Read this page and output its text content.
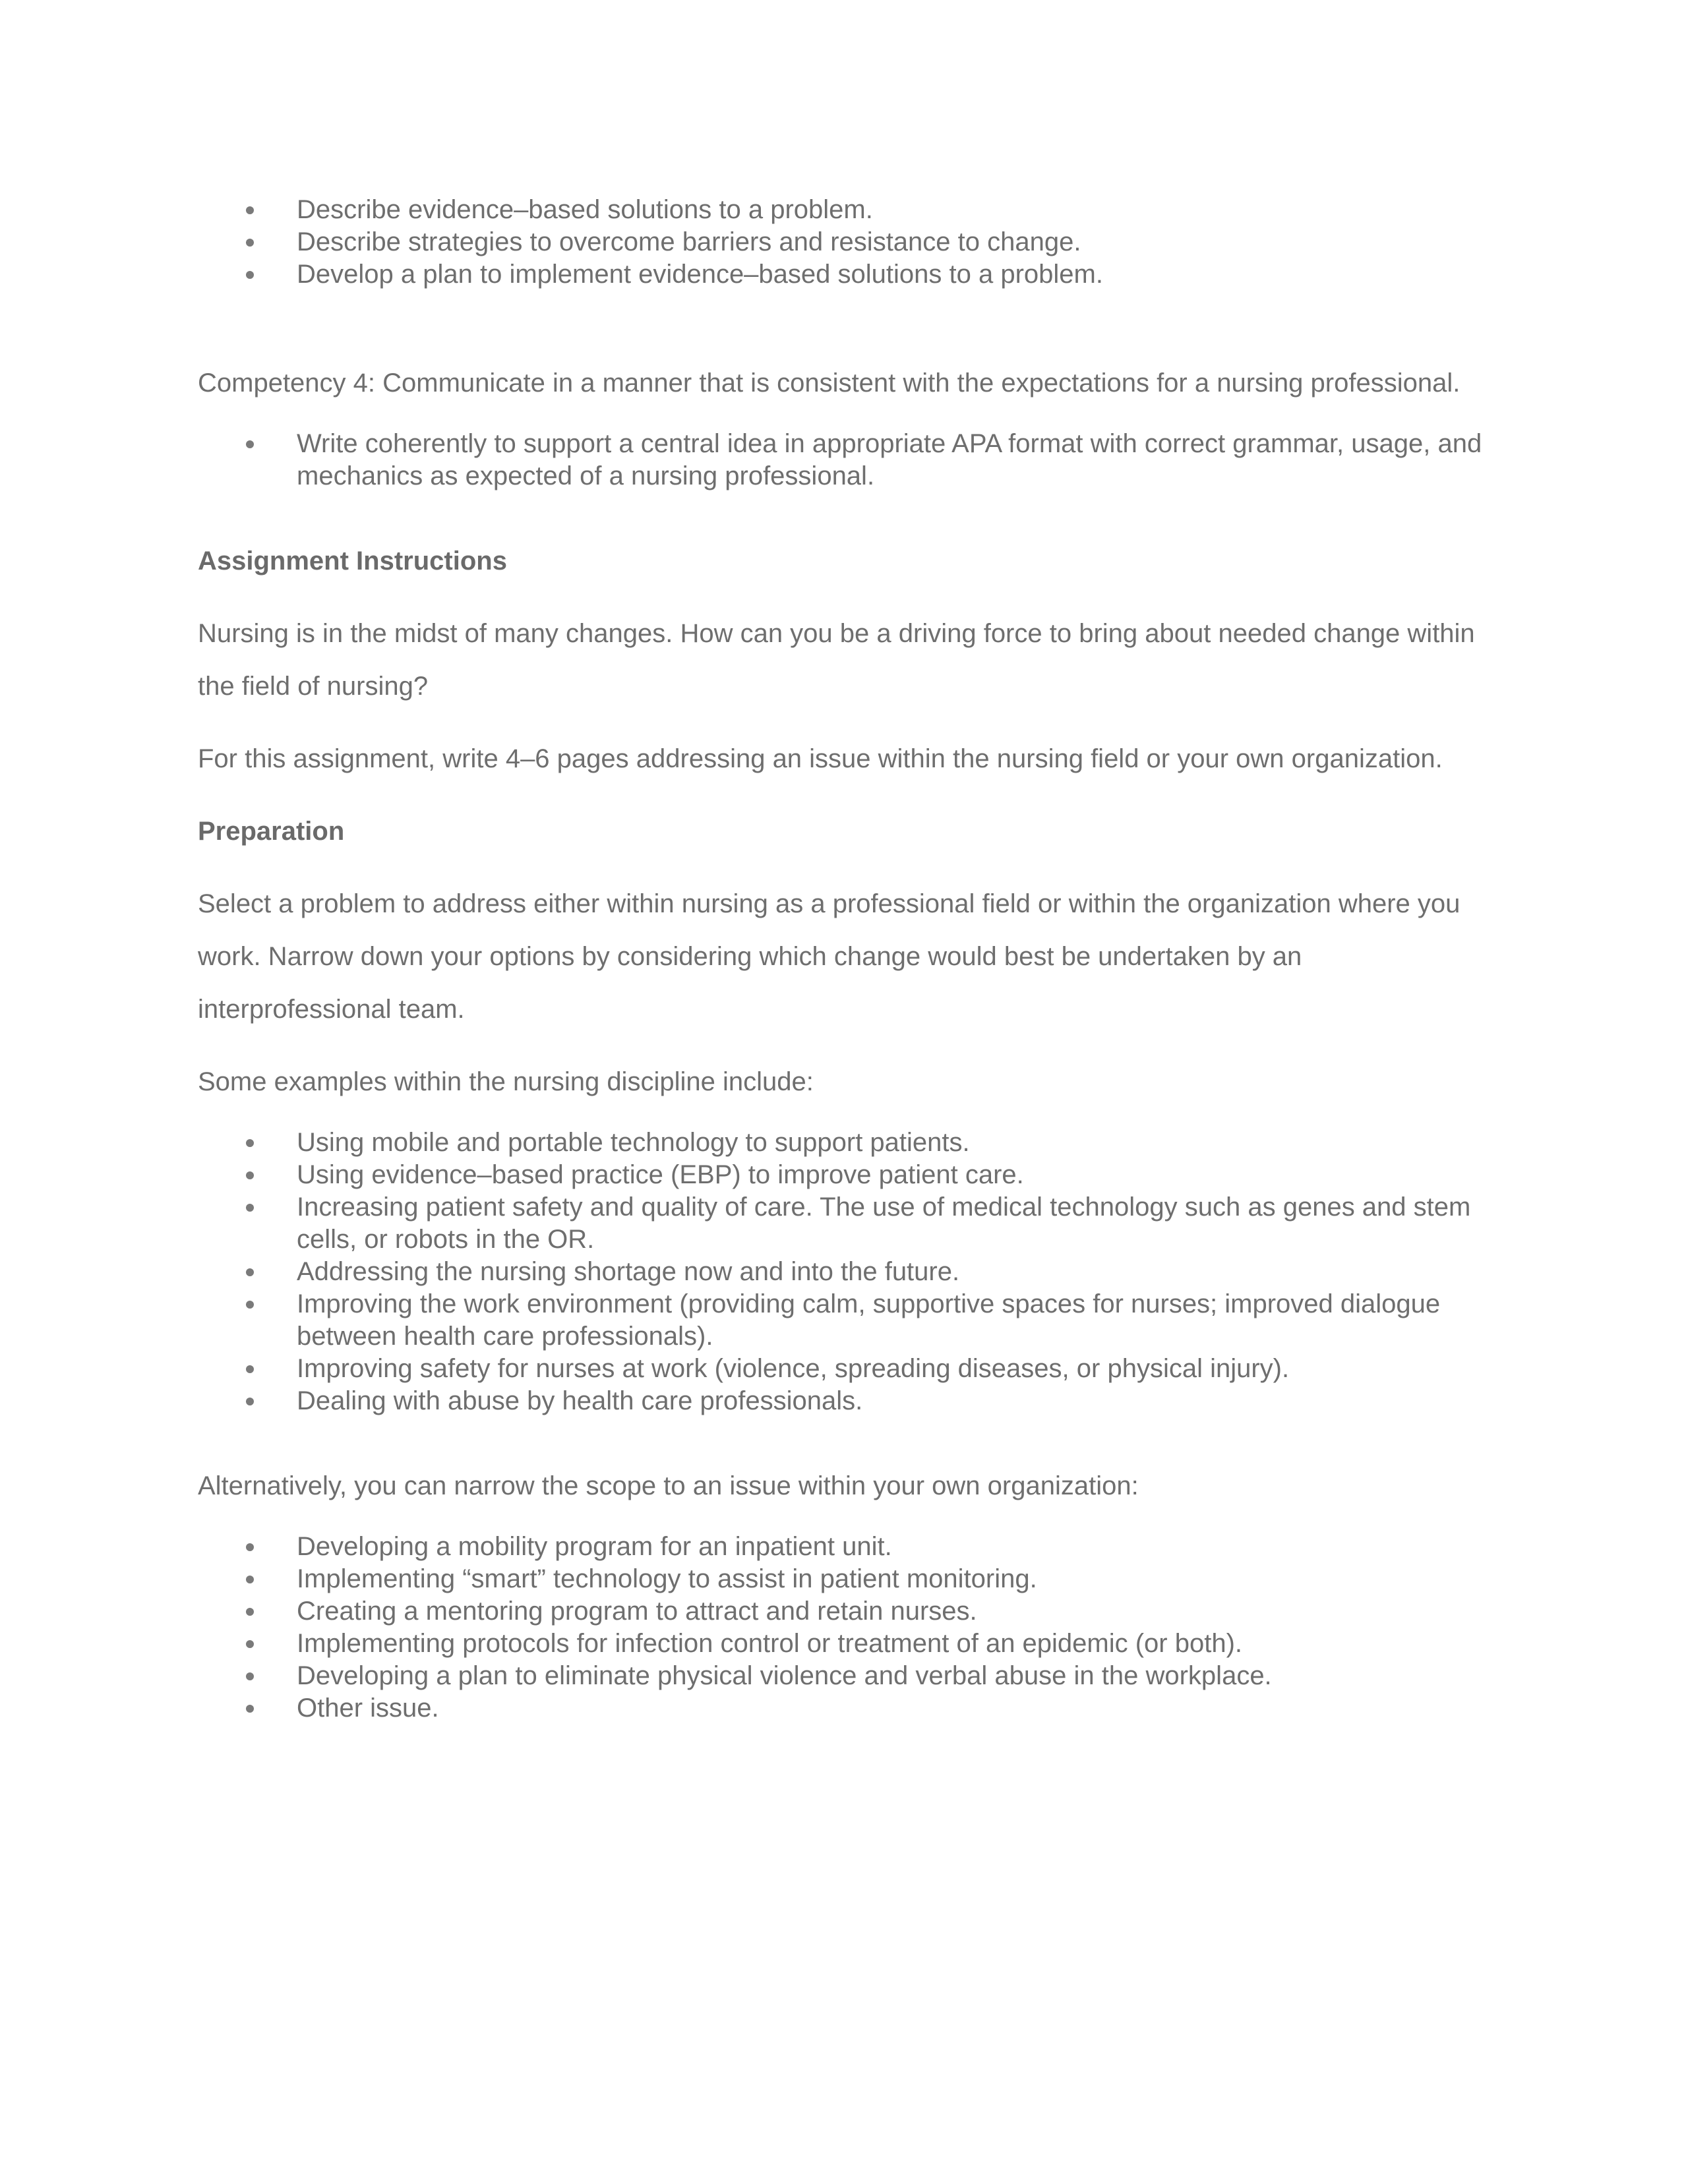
Describe evidence–based solutions to a problem.
Describe strategies to overcome barriers and resistance to change.
Develop a plan to implement evidence–based solutions to a problem.

Competency 4: Communicate in a manner that is consistent with the expectations for a nursing professional.

Write coherently to support a central idea in appropriate APA format with correct grammar, usage, and mechanics as expected of a nursing professional.
Assignment Instructions

Nursing is in the midst of many changes. How can you be a driving force to bring about needed change within the field of nursing?

For this assignment, write 4–6 pages addressing an issue within the nursing field or your own organization.

Preparation

Select a problem to address either within nursing as a professional field or within the organization where you work. Narrow down your options by considering which change would best be undertaken by an interprofessional team.

Some examples within the nursing discipline include:

Using mobile and portable technology to support patients.
Using evidence–based practice (EBP) to improve patient care.
Increasing patient safety and quality of care. The use of medical technology such as genes and stem cells, or robots in the OR.
Addressing the nursing shortage now and into the future.
Improving the work environment (providing calm, supportive spaces for nurses; improved dialogue between health care professionals).
Improving safety for nurses at work (violence, spreading diseases, or physical injury).
Dealing with abuse by health care professionals.

Alternatively, you can narrow the scope to an issue within your own organization:

Developing a mobility program for an inpatient unit.
Implementing “smart” technology to assist in patient monitoring.
Creating a mentoring program to attract and retain nurses.
Implementing protocols for infection control or treatment of an epidemic (or both).
Developing a plan to eliminate physical violence and verbal abuse in the workplace.
Other issue.
